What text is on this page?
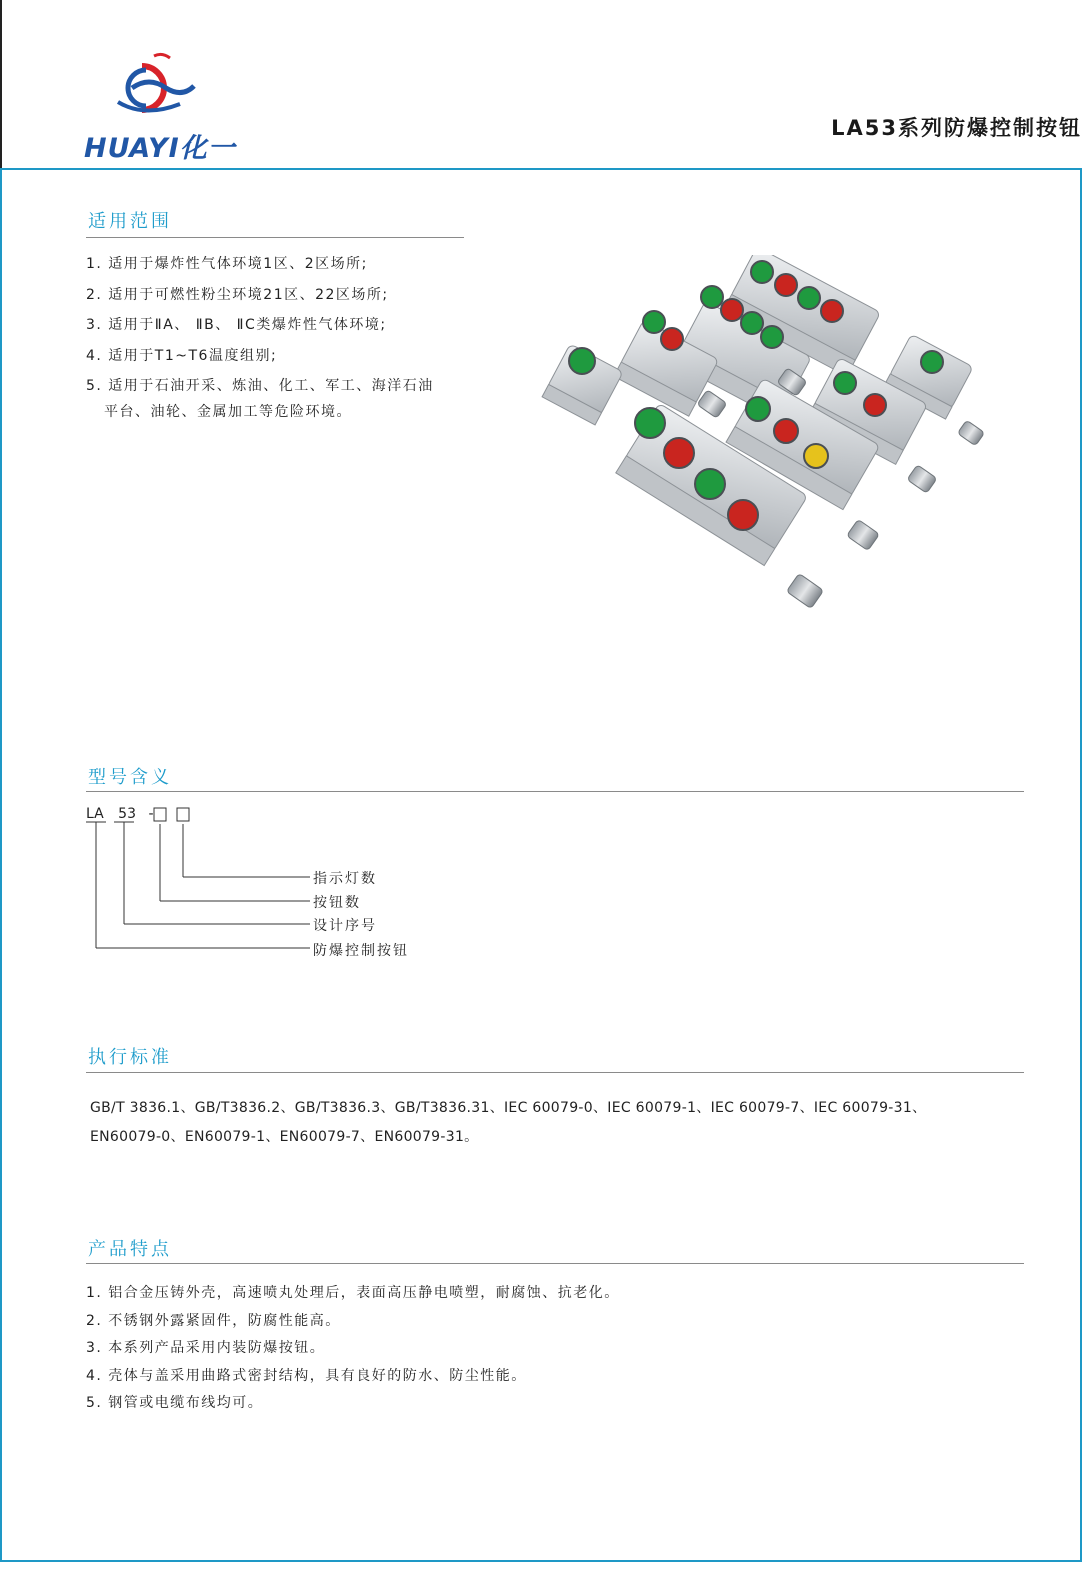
HUAYI化一
LA53系列防爆控制按钮
适用范围
1. 适用于爆炸性气体环境1区、2区场所;
2. 适用于可燃性粉尘环境21区、22区场所;
3. 适用于ⅡA、 ⅡB、 ⅡC类爆炸性气体环境;
4. 适用于T1~T6温度组别;
5. 适用于石油开采、炼油、化工、军工、海洋石油
平台、油轮、金属加工等危险环境。
型号含义
LA 53 -
指示灯数
按钮数
设计序号
防爆控制按钮
执行标准
GB/T 3836.1、GB/T3836.2、GB/T3836.3、GB/T3836.31、IEC 60079-0、IEC 60079-1、IEC 60079-7、IEC 60079-31、
EN60079-0、EN60079-1、EN60079-7、EN60079-31。
产品特点
1. 铝合金压铸外壳，高速喷丸处理后，表面高压静电喷塑，耐腐蚀、抗老化。
2. 不锈钢外露紧固件，防腐性能高。
3. 本系列产品采用内装防爆按钮。
4. 壳体与盖采用曲路式密封结构，具有良好的防水、防尘性能。
5. 钢管或电缆布线均可。
